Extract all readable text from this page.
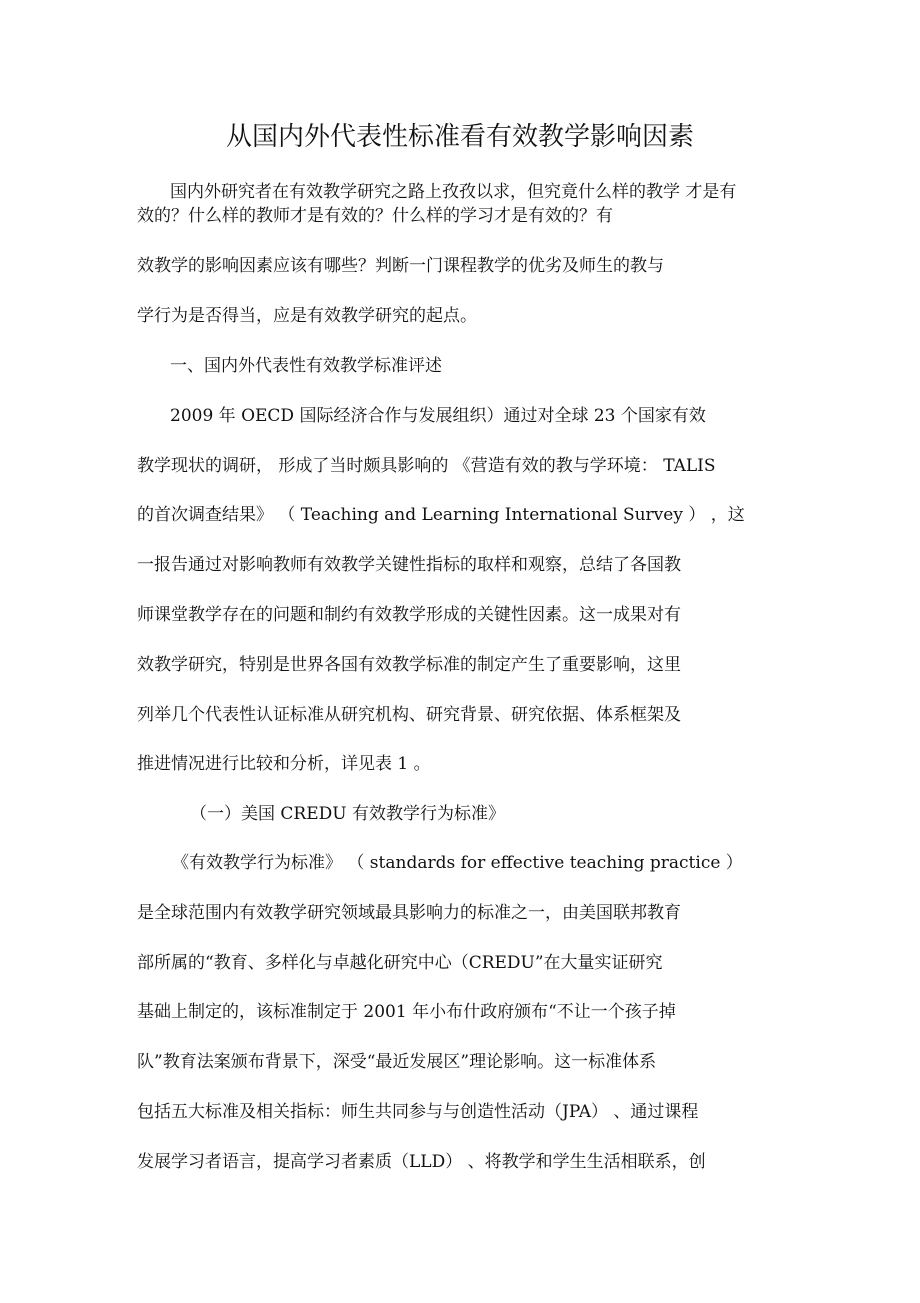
从国内外代表性标准看有效教学影响因素
国内外研究者在有效教学研究之路上孜孜以求，但究竟什么样的教学 才是有
效的？什么样的教师才是有效的？什么样的学习才是有效的？有
效教学的影响因素应该有哪些？判断一门课程教学的优劣及师生的教与
学行为是否得当，应是有效教学研究的起点。
一、国内外代表性有效教学标准评述
2009 年 OECD 国际经济合作与发展组织）通过对全球 23 个国家有效
教学现状的调研， 形成了当时颇具影响的 《营造有效的教与学环境： TALIS
的首次调查结果》 （ Teaching and Learning International Survey ） ，这
一报告通过对影响教师有效教学关键性指标的取样和观察，总结了各国教
师课堂教学存在的问题和制约有效教学形成的关键性因素。这一成果对有
效教学研究，特别是世界各国有效教学标准的制定产生了重要影响，这里
列举几个代表性认证标准从研究机构、研究背景、研究依据、体系框架及
推进情况进行比较和分析，详见表 1 。
（一）美国 CREDU 有效教学行为标准》
《有效教学行为标准》 （ standards for effective teaching practice ）
是全球范围内有效教学研究领域最具影响力的标准之一，由美国联邦教育
部所属的“教育、多样化与卓越化研究中心（CREDU”在大量实证研究
基础上制定的，该标准制定于 2001 年小布什政府颁布“不让一个孩子掉
队”教育法案颁布背景下，深受“最近发展区”理论影响。这一标准体系
包括五大标准及相关指标：师生共同参与与创造性活动（JPA） 、通过课程
发展学习者语言，提高学习者素质（LLD） 、将教学和学生生活相联系，创
